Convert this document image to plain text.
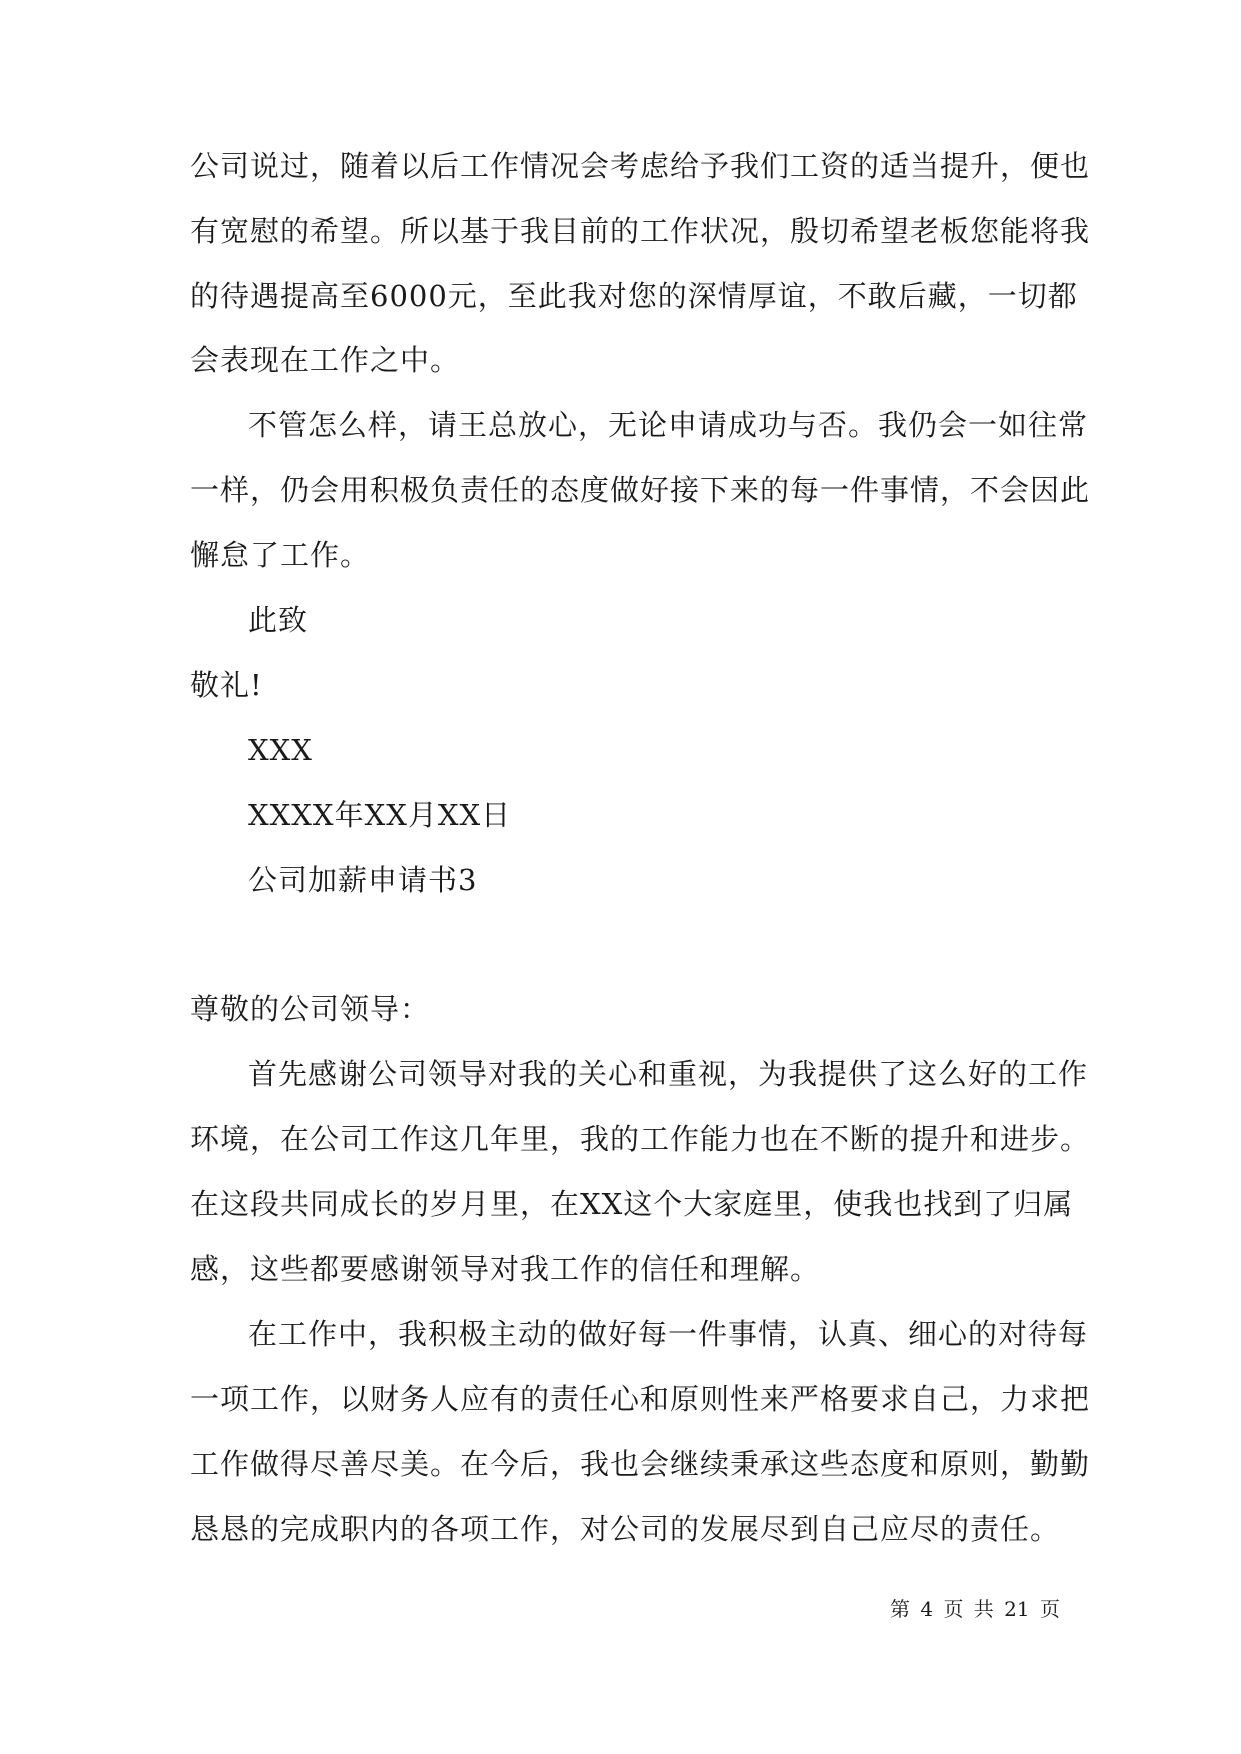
公司说过，随着以后工作情况会考虑给予我们工资的适当提升，便也
有宽慰的希望。所以基于我目前的工作状况，殷切希望老板您能将我
的待遇提高至6000元，至此我对您的深情厚谊，不敢后藏，一切都
会表现在工作之中。
不管怎么样，请王总放心，无论申请成功与否。我仍会一如往常
一样，仍会用积极负责任的态度做好接下来的每一件事情，不会因此
懈怠了工作。
此致
敬礼!
XXX
XXXX年XX月XX日
公司加薪申请书3
尊敬的公司领导：
首先感谢公司领导对我的关心和重视，为我提供了这么好的工作
环境，在公司工作这几年里，我的工作能力也在不断的提升和进步。
在这段共同成长的岁月里，在XX这个大家庭里，使我也找到了归属
感，这些都要感谢领导对我工作的信任和理解。
在工作中，我积极主动的做好每一件事情，认真、细心的对待每
一项工作，以财务人应有的责任心和原则性来严格要求自己，力求把
工作做得尽善尽美。在今后，我也会继续秉承这些态度和原则，勤勤
恳恳的完成职内的各项工作，对公司的发展尽到自己应尽的责任。
第 4 页 共 21 页
